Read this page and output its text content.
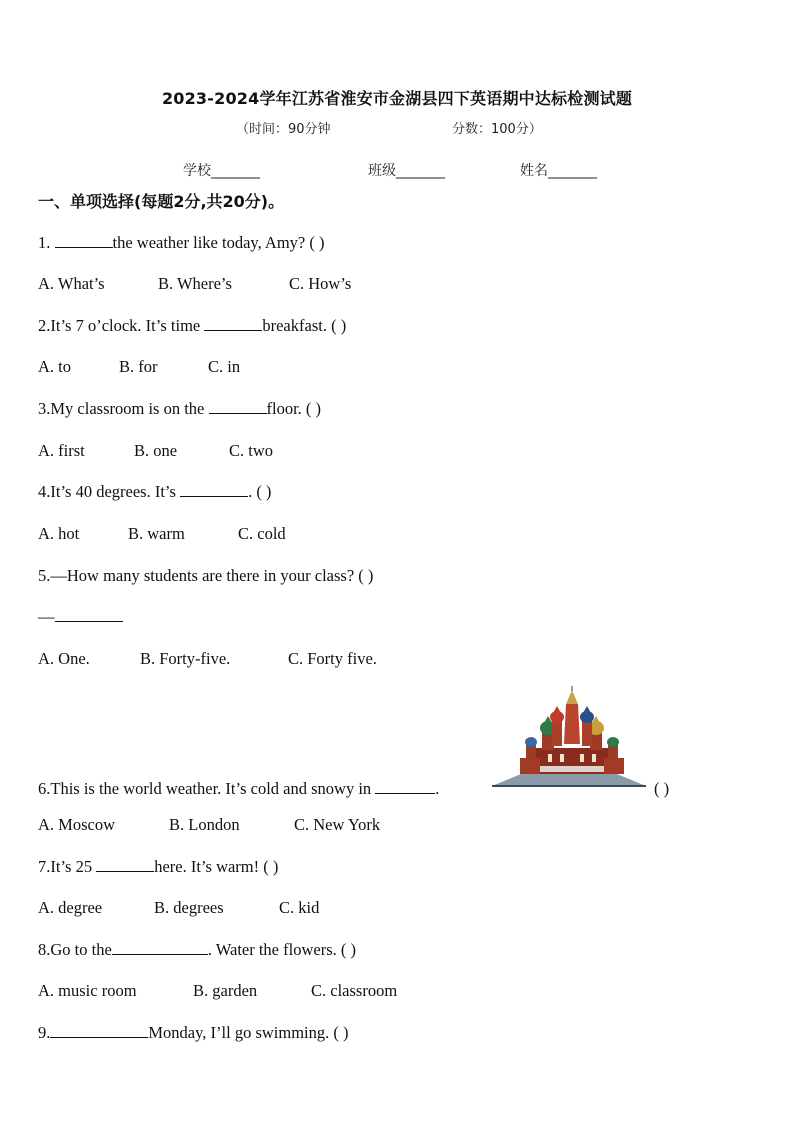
2023-2024学年江苏省淮安市金湖县四下英语期中达标检测试题
（时间：90分钟	分数：100分）
学校_______	班级_______	姓名_______
一、单项选择(每题2分,共20分)。
1.	the weather like today, Amy? ( )
A. What’s	B. Where’s	C. How’s
2.It’s 7 o’clock. It’s time	breakfast. ( )
A. to	B. for	C. in
3.My classroom is on the	floor. ( )
A. first	B. one	C. two
4.It’s 40 degrees. It’s	. ( )
A. hot	B. warm	C. cold
5.—How many students are there in your class? ( )
—
A. One.	B. Forty-five.	C. Forty five.
6.This is the world weather. It’s cold and snowy in	.	( )
A. Moscow	B. London	C. New York
7.It’s 25	here. It’s warm! ( )
A. degree	B. degrees	C. kid
8.Go to the	. Water the flowers. ( )
A. music room	B. garden	C. classroom
9.	Monday, I’ll go swimming. ( )
